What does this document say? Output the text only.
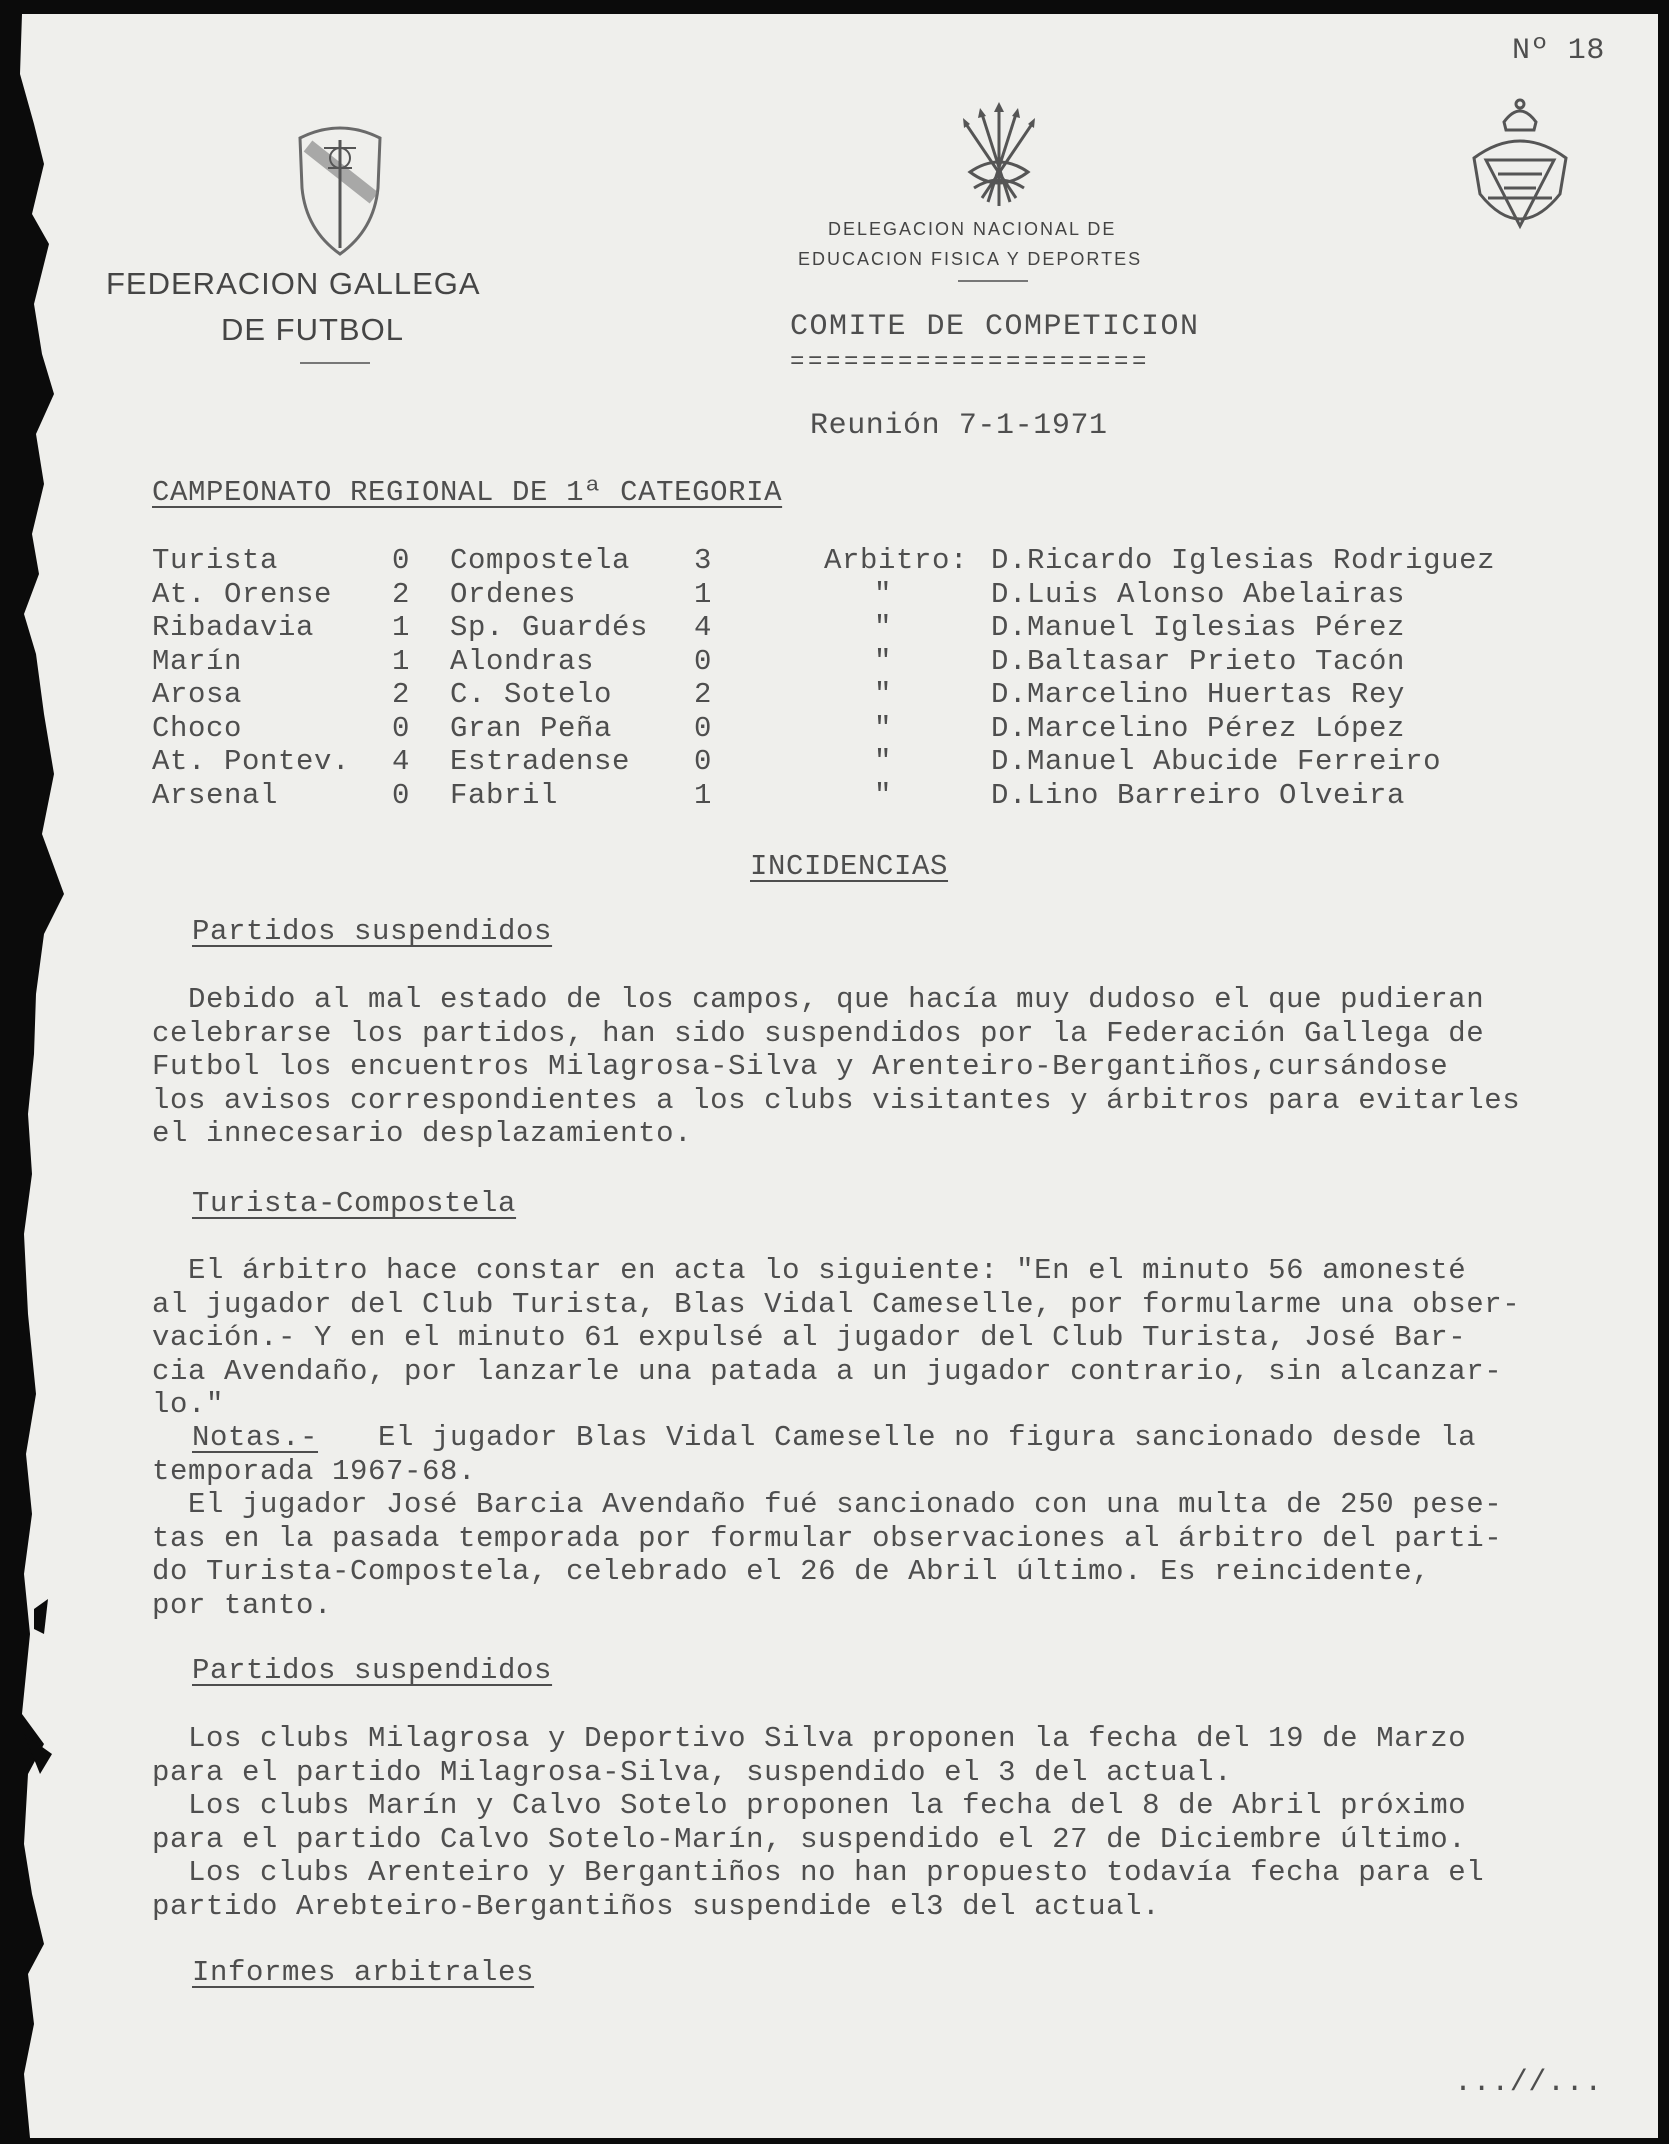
Nº 18
FEDERACION GALLEGA
DE FUTBOL
DELEGACION NACIONAL DE
EDUCACION FISICA Y DEPORTES
COMITE DE COMPETICION
====================
Reunión 7-1-1971
CAMPEONATO REGIONAL DE 1ª CATEGORIA
Arbitro:
Turista	0 Compostela 3	D.Ricardo Iglesias Rodriguez
At. Orense 2 Ordenes	1	"	D.Luis Alonso Abelairas
Ribadavia	1 Sp. Guardés 4	"	D.Manuel Iglesias Pérez
Marín	1 Alondras	0	"	D.Baltasar Prieto Tacón
Arosa	2 C. Sotelo	2	"	D.Marcelino Huertas Rey
Choco	0 Gran Peña	0	"	D.Marcelino Pérez López
At. Pontev. 4 Estradense 0	"	D.Manuel Abucide Ferreiro
Arsenal	0 Fabril	1	"	D.Lino Barreiro Olveira
INCIDENCIAS
Partidos suspendidos
Debido al mal estado de los campos, que hacía muy dudoso el que pudieran
celebrarse los partidos, han sido suspendidos por la Federación Gallega de
Futbol los encuentros Milagrosa-Silva y Arenteiro-Bergantiños,cursándose
los avisos correspondientes a los clubs visitantes y árbitros para evitarles
el innecesario desplazamiento.
Turista-Compostela
El árbitro hace constar en acta lo siguiente: "En el minuto 56 amonesté
al jugador del Club Turista, Blas Vidal Cameselle, por formularme una obser-
vación.- Y en el minuto 61 expulsé al jugador del Club Turista, José Bar-
cia Avendaño, por lanzarle una patada a un jugador contrario, sin alcanzar-
lo."
Notas.- El jugador Blas Vidal Cameselle no figura sancionado desde la
temporada 1967-68.
El jugador José Barcia Avendaño fué sancionado con una multa de 250 pese-
tas en la pasada temporada por formular observaciones al árbitro del parti-
do Turista-Compostela, celebrado el 26 de Abril último. Es reincidente,
por tanto.
Partidos suspendidos
Los clubs Milagrosa y Deportivo Silva proponen la fecha del 19 de Marzo
para el partido Milagrosa-Silva, suspendido el 3 del actual.
Los clubs Marín y Calvo Sotelo proponen la fecha del 8 de Abril próximo
para el partido Calvo Sotelo-Marín, suspendido el 27 de Diciembre último.
Los clubs Arenteiro y Bergantiños no han propuesto todavía fecha para el
partido Arebteiro-Bergantiños suspendide el3 del actual.
Informes arbitrales
...//...
